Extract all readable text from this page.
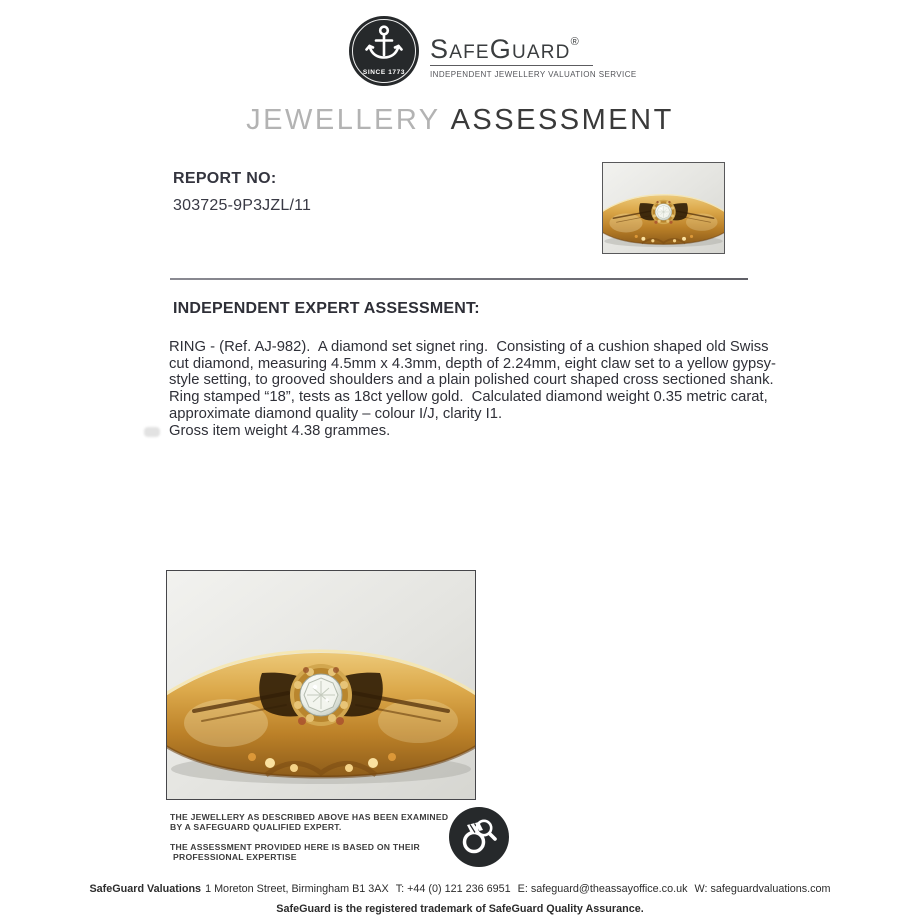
SINCE 1773
SafeGuard®
INDEPENDENT JEWELLERY VALUATION SERVICE
JEWELLERY ASSESSMENT
REPORT NO:
303725-9P3JZL/11
INDEPENDENT EXPERT ASSESSMENT:
RING - (Ref. AJ-982).  A diamond set signet ring.  Consisting of a cushion shaped old Swiss
cut diamond, measuring 4.5mm x 4.3mm, depth of 2.24mm, eight claw set to a yellow gypsy-
style setting, to grooved shoulders and a plain polished court shaped cross sectioned shank.
Ring stamped “18”, tests as 18ct yellow gold.  Calculated diamond weight 0.35 metric carat,
approximate diamond quality – colour I/J, clarity I1.
Gross item weight 4.38 grammes.
THE JEWELLERY AS DESCRIBED ABOVE HAS BEEN EXAMINED
BY A SAFEGUARD QUALIFIED EXPERT.
THE ASSESSMENT PROVIDED HERE IS BASED ON THEIR
PROFESSIONAL EXPERTISE
SafeGuard Valuations 1 Moreton Street, Birmingham B1 3AX T: +44 (0) 121 236 6951 E: safeguard@theassayoffice.co.uk W: safeguardvaluations.com
SafeGuard is the registered trademark of SafeGuard Quality Assurance.
